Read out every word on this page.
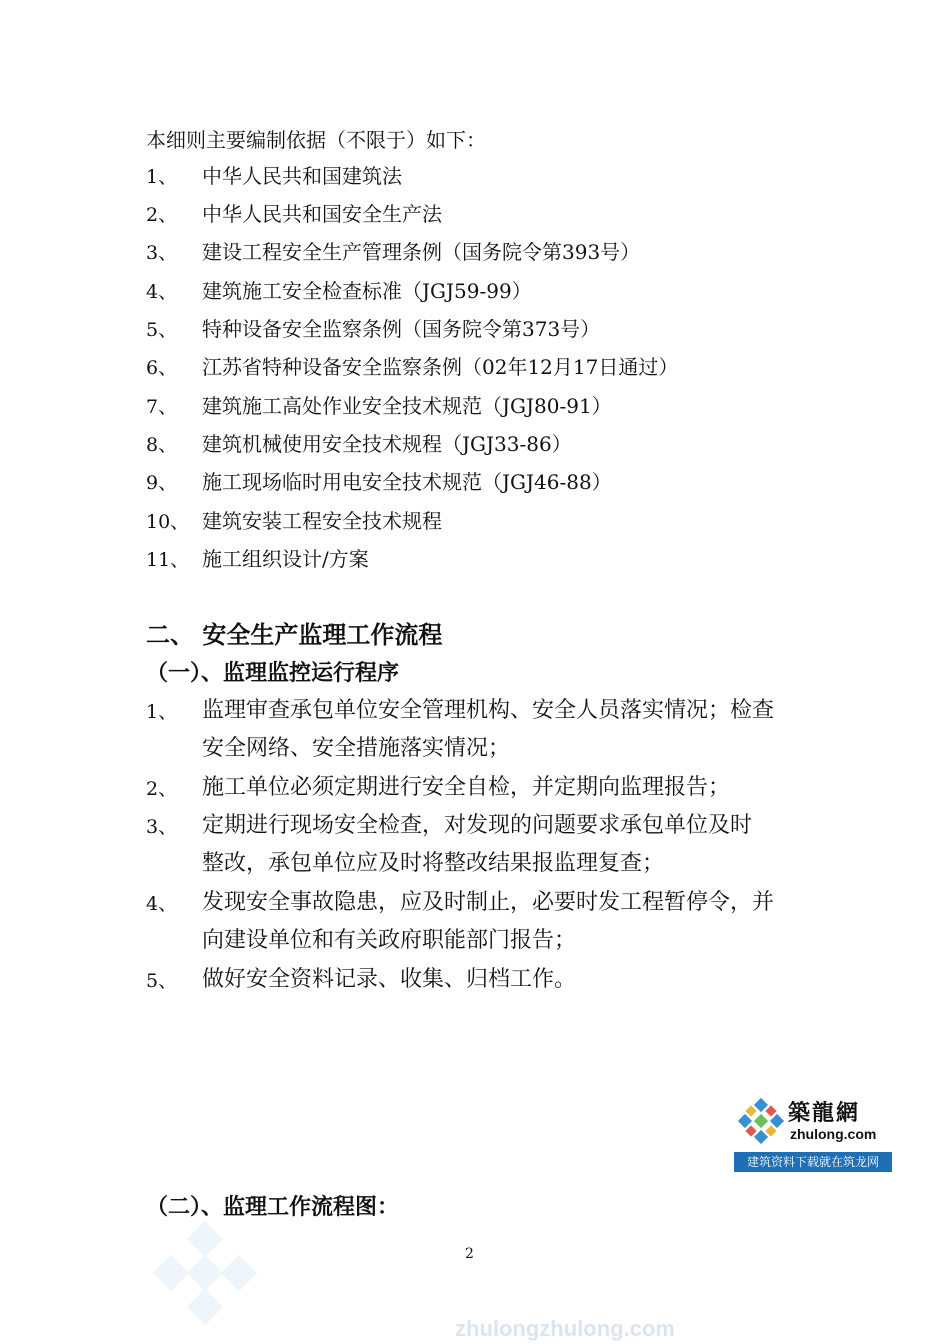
本细则主要编制依据（不限于）如下：
1、 中华人民共和国建筑法
2、 中华人民共和国安全生产法
3、 建设工程安全生产管理条例（国务院令第393号）
4、 建筑施工安全检查标准（JGJ59-99）
5、 特种设备安全监察条例（国务院令第373号）
6、 江苏省特种设备安全监察条例（02年12月17日通过）
7、 建筑施工高处作业安全技术规范（JGJ80-91）
8、 建筑机械使用安全技术规程（JGJ33-86）
9、 施工现场临时用电安全技术规范（JGJ46-88）
10、 建筑安装工程安全技术规程
11、 施工组织设计/方案
二、 安全生产监理工作流程
（一）、监理监控运行程序
1、 监理审查承包单位安全管理机构、安全人员落实情况；检查
安全网络、安全措施落实情况；
2、 施工单位必须定期进行安全自检，并定期向监理报告；
3、 定期进行现场安全检查，对发现的问题要求承包单位及时
整改，承包单位应及时将整改结果报监理复查；
4、 发现安全事故隐患，应及时制止，必要时发工程暂停令，并
向建设单位和有关政府职能部门报告；
5、 做好安全资料记录、收集、归档工作。
築龍網
zhulong.com
建筑资料下载就在筑龙网
（二）、监理工作流程图：
2
zhulongzhulong.com
